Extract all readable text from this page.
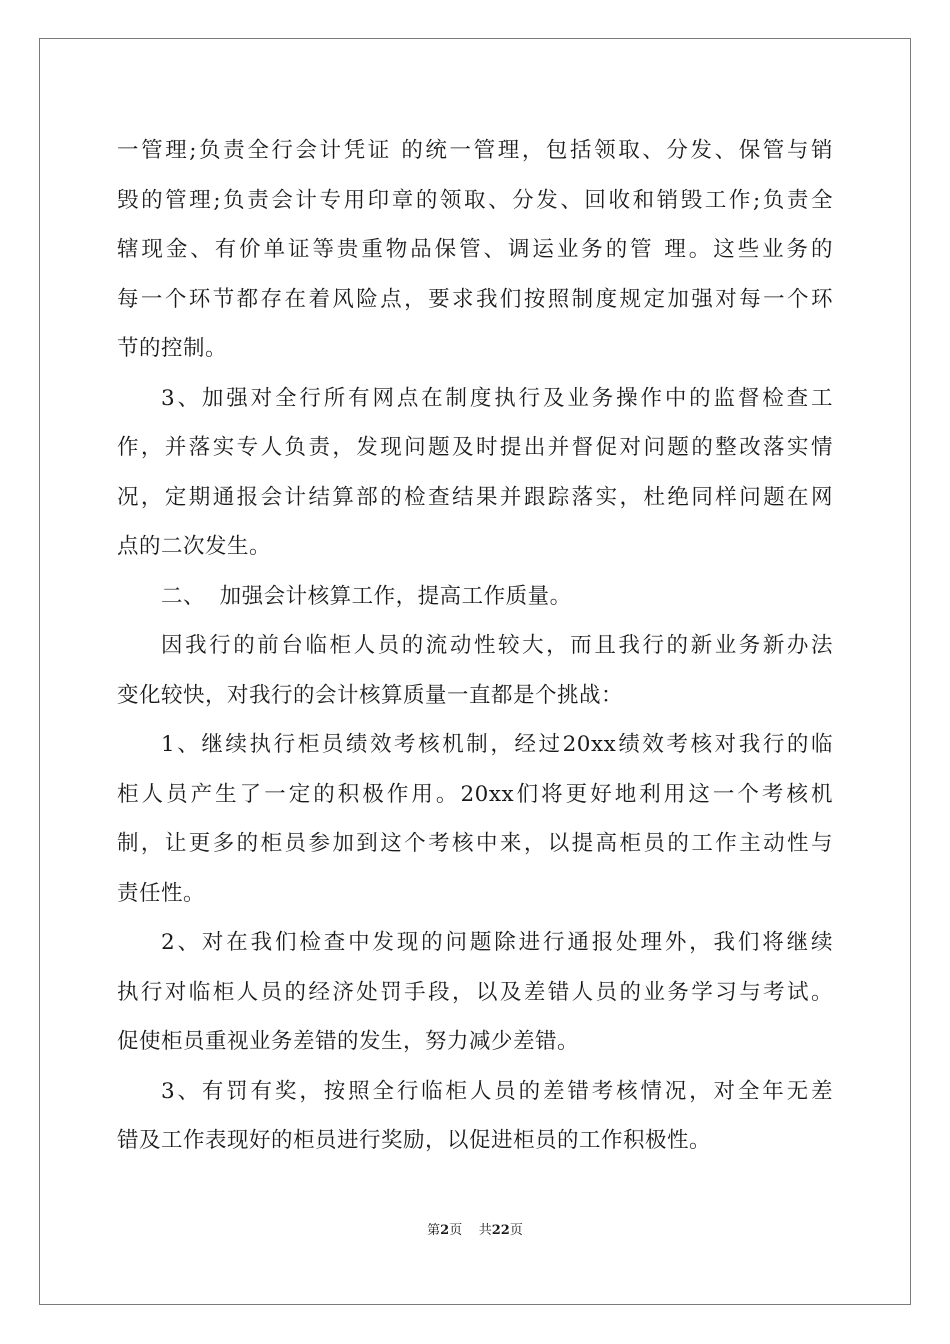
一管理;负责全行会计凭证 的统一管理，包括领取、分发、保管与销
毁的管理;负责会计专用印章的领取、分发、回收和销毁工作;负责全
辖现金、有价单证等贵重物品保管、调运业务的管 理。这些业务的
每一个环节都存在着风险点，要求我们按照制度规定加强对每一个环
节的控制。
3、加强对全行所有网点在制度执行及业务操作中的监督检查工
作，并落实专人负责，发现问题及时提出并督促对问题的整改落实情
况，定期通报会计结算部的检查结果并跟踪落实，杜绝同样问题在网
点的二次发生。
二、  加强会计核算工作，提高工作质量。
因我行的前台临柜人员的流动性较大，而且我行的新业务新办法
变化较快，对我行的会计核算质量一直都是个挑战：
1、继续执行柜员绩效考核机制，经过20xx绩效考核对我行的临
柜人员产生了一定的积极作用。20xx们将更好地利用这一个考核机
制，让更多的柜员参加到这个考核中来，以提高柜员的工作主动性与
责任性。
2、对在我们检查中发现的问题除进行通报处理外，我们将继续
执行对临柜人员的经济处罚手段，以及差错人员的业务学习与考试。
促使柜员重视业务差错的发生，努力减少差错。
3、有罚有奖，按照全行临柜人员的差错考核情况，对全年无差
错及工作表现好的柜员进行奖励，以促进柜员的工作积极性。
第2页 共22页
